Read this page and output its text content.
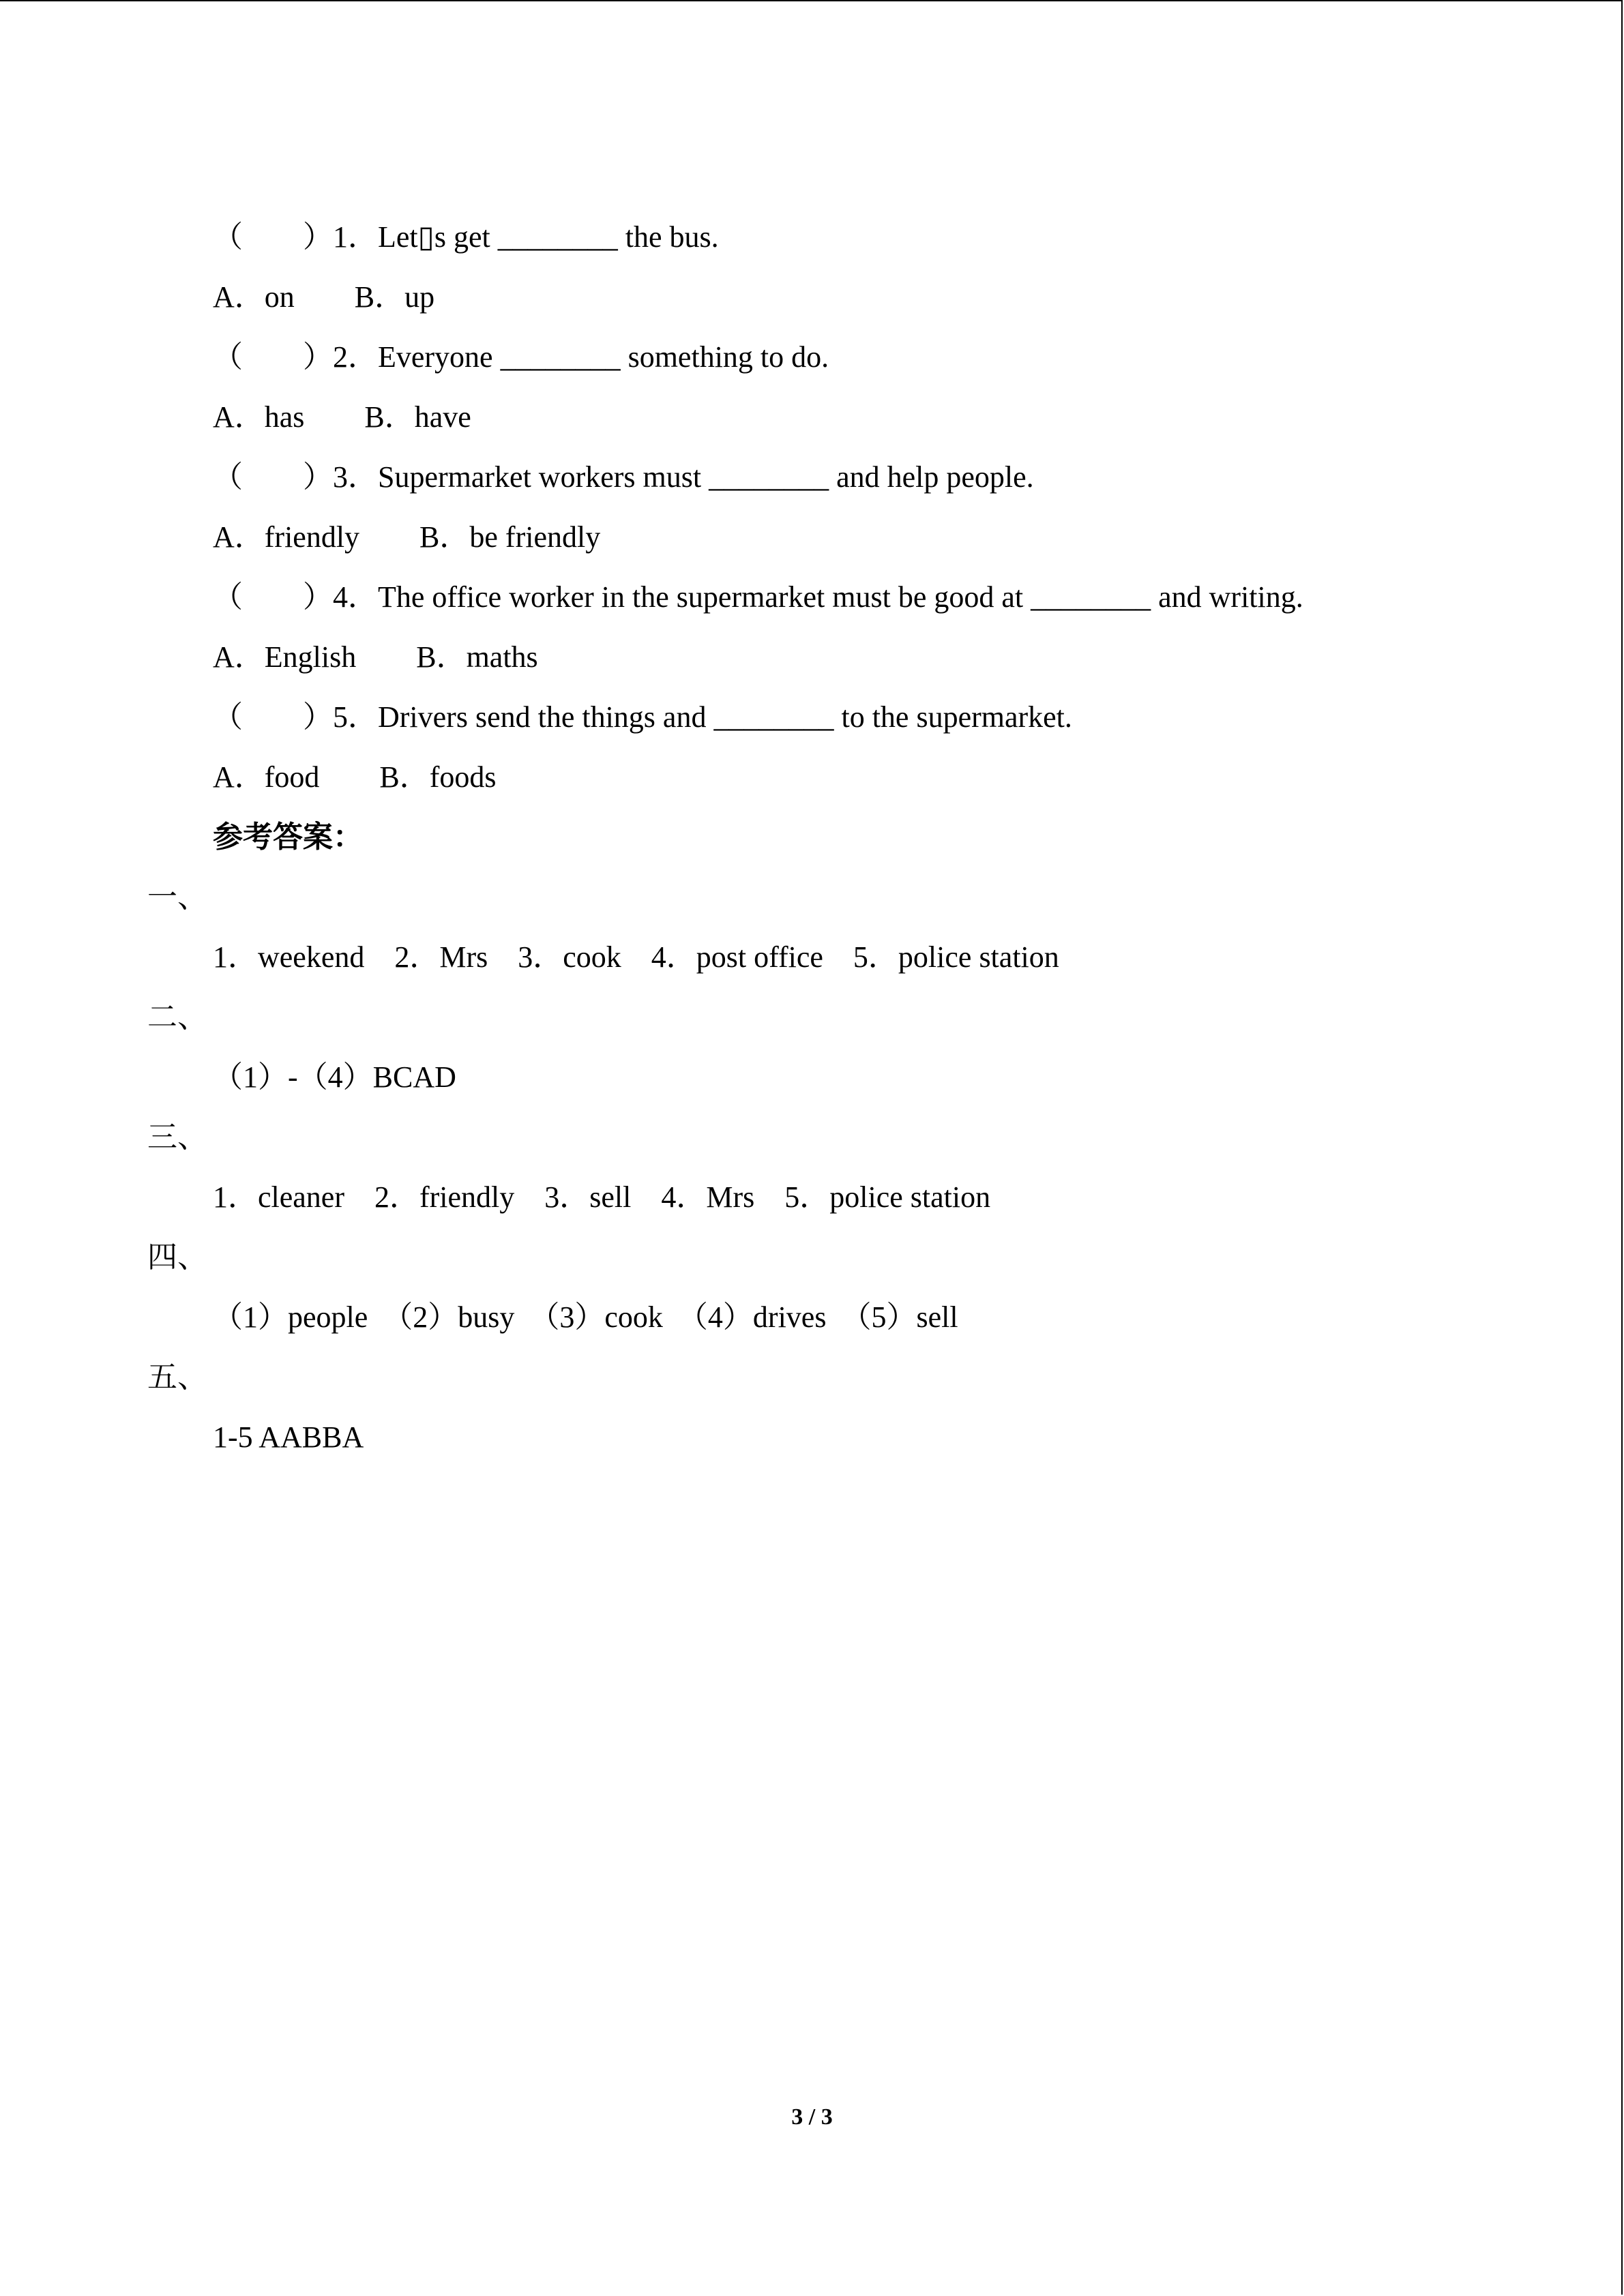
（　　）1．Let▯s get ________ the bus.
A．on　　B．up
（　　）2．Everyone ________ something to do.
A．has　　B．have
（　　）3．Supermarket workers must ________ and help people.
A．friendly　　B．be friendly
（　　）4．The office worker in the supermarket must be good at ________ and writing.
A．English　　B．maths
（　　）5．Drivers send the things and ________ to the supermarket.
A．food　　B．foods
参考答案：
一、
1．weekend　2．Mrs　3．cook　4．post office　5．police station
二、
（1）-（4）BCAD
三、
1．cleaner　2．friendly　3．sell　4．Mrs　5．police station
四、
（1）people　（2）busy　（3）cook　（4）drives　（5）sell
五、
1-5 AABBA
3 / 3
